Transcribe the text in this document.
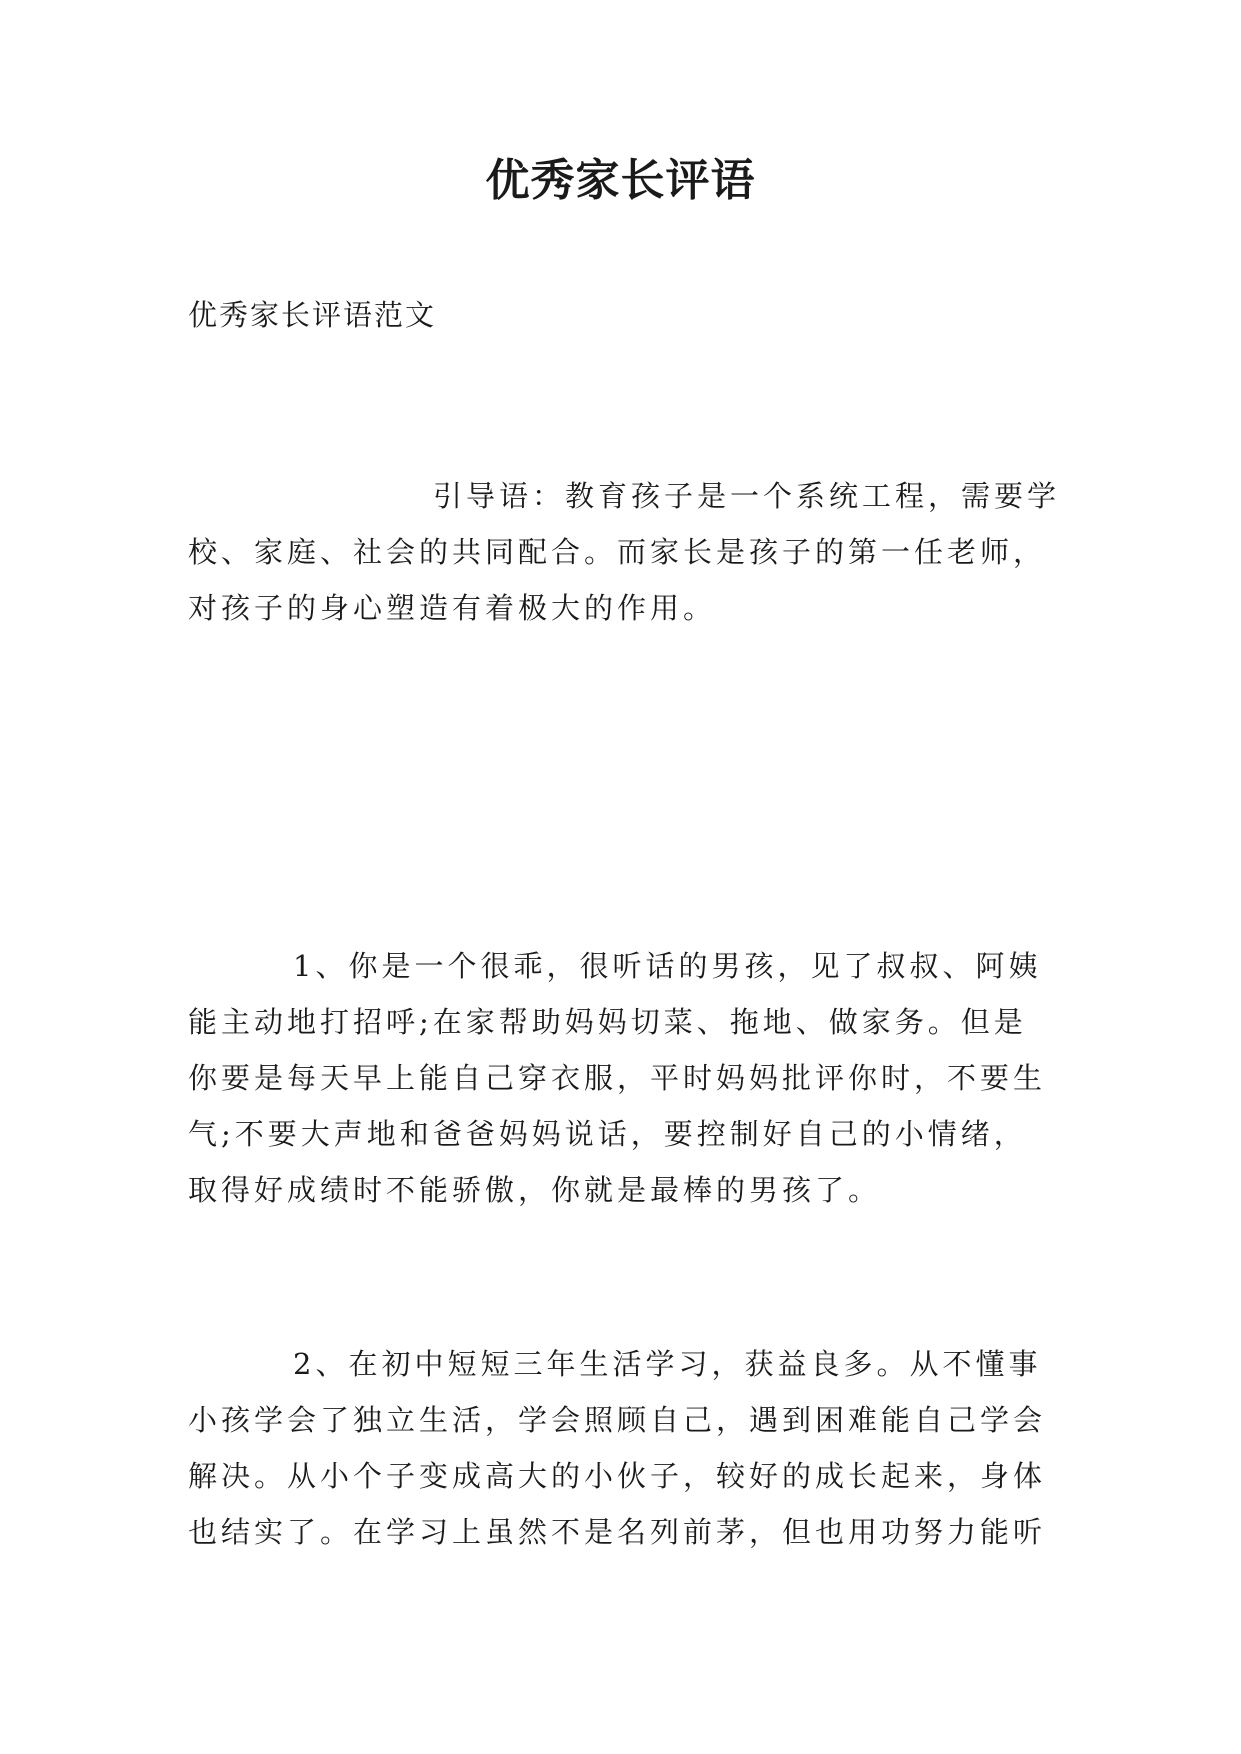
优秀家长评语
优秀家长评语范文
引导语：教育孩子是一个系统工程，需要学
校、家庭、社会的共同配合。而家长是孩子的第一任老师，
对孩子的身心塑造有着极大的作用。
1、你是一个很乖，很听话的男孩，见了叔叔、阿姨
能主动地打招呼;在家帮助妈妈切菜、拖地、做家务。但是
你要是每天早上能自己穿衣服，平时妈妈批评你时，不要生
气;不要大声地和爸爸妈妈说话，要控制好自己的小情绪，
取得好成绩时不能骄傲，你就是最棒的男孩了。
2、在初中短短三年生活学习，获益良多。从不懂事
小孩学会了独立生活，学会照顾自己，遇到困难能自己学会
解决。从小个子变成高大的小伙子，较好的成长起来，身体
也结实了。在学习上虽然不是名列前茅，但也用功努力能听
